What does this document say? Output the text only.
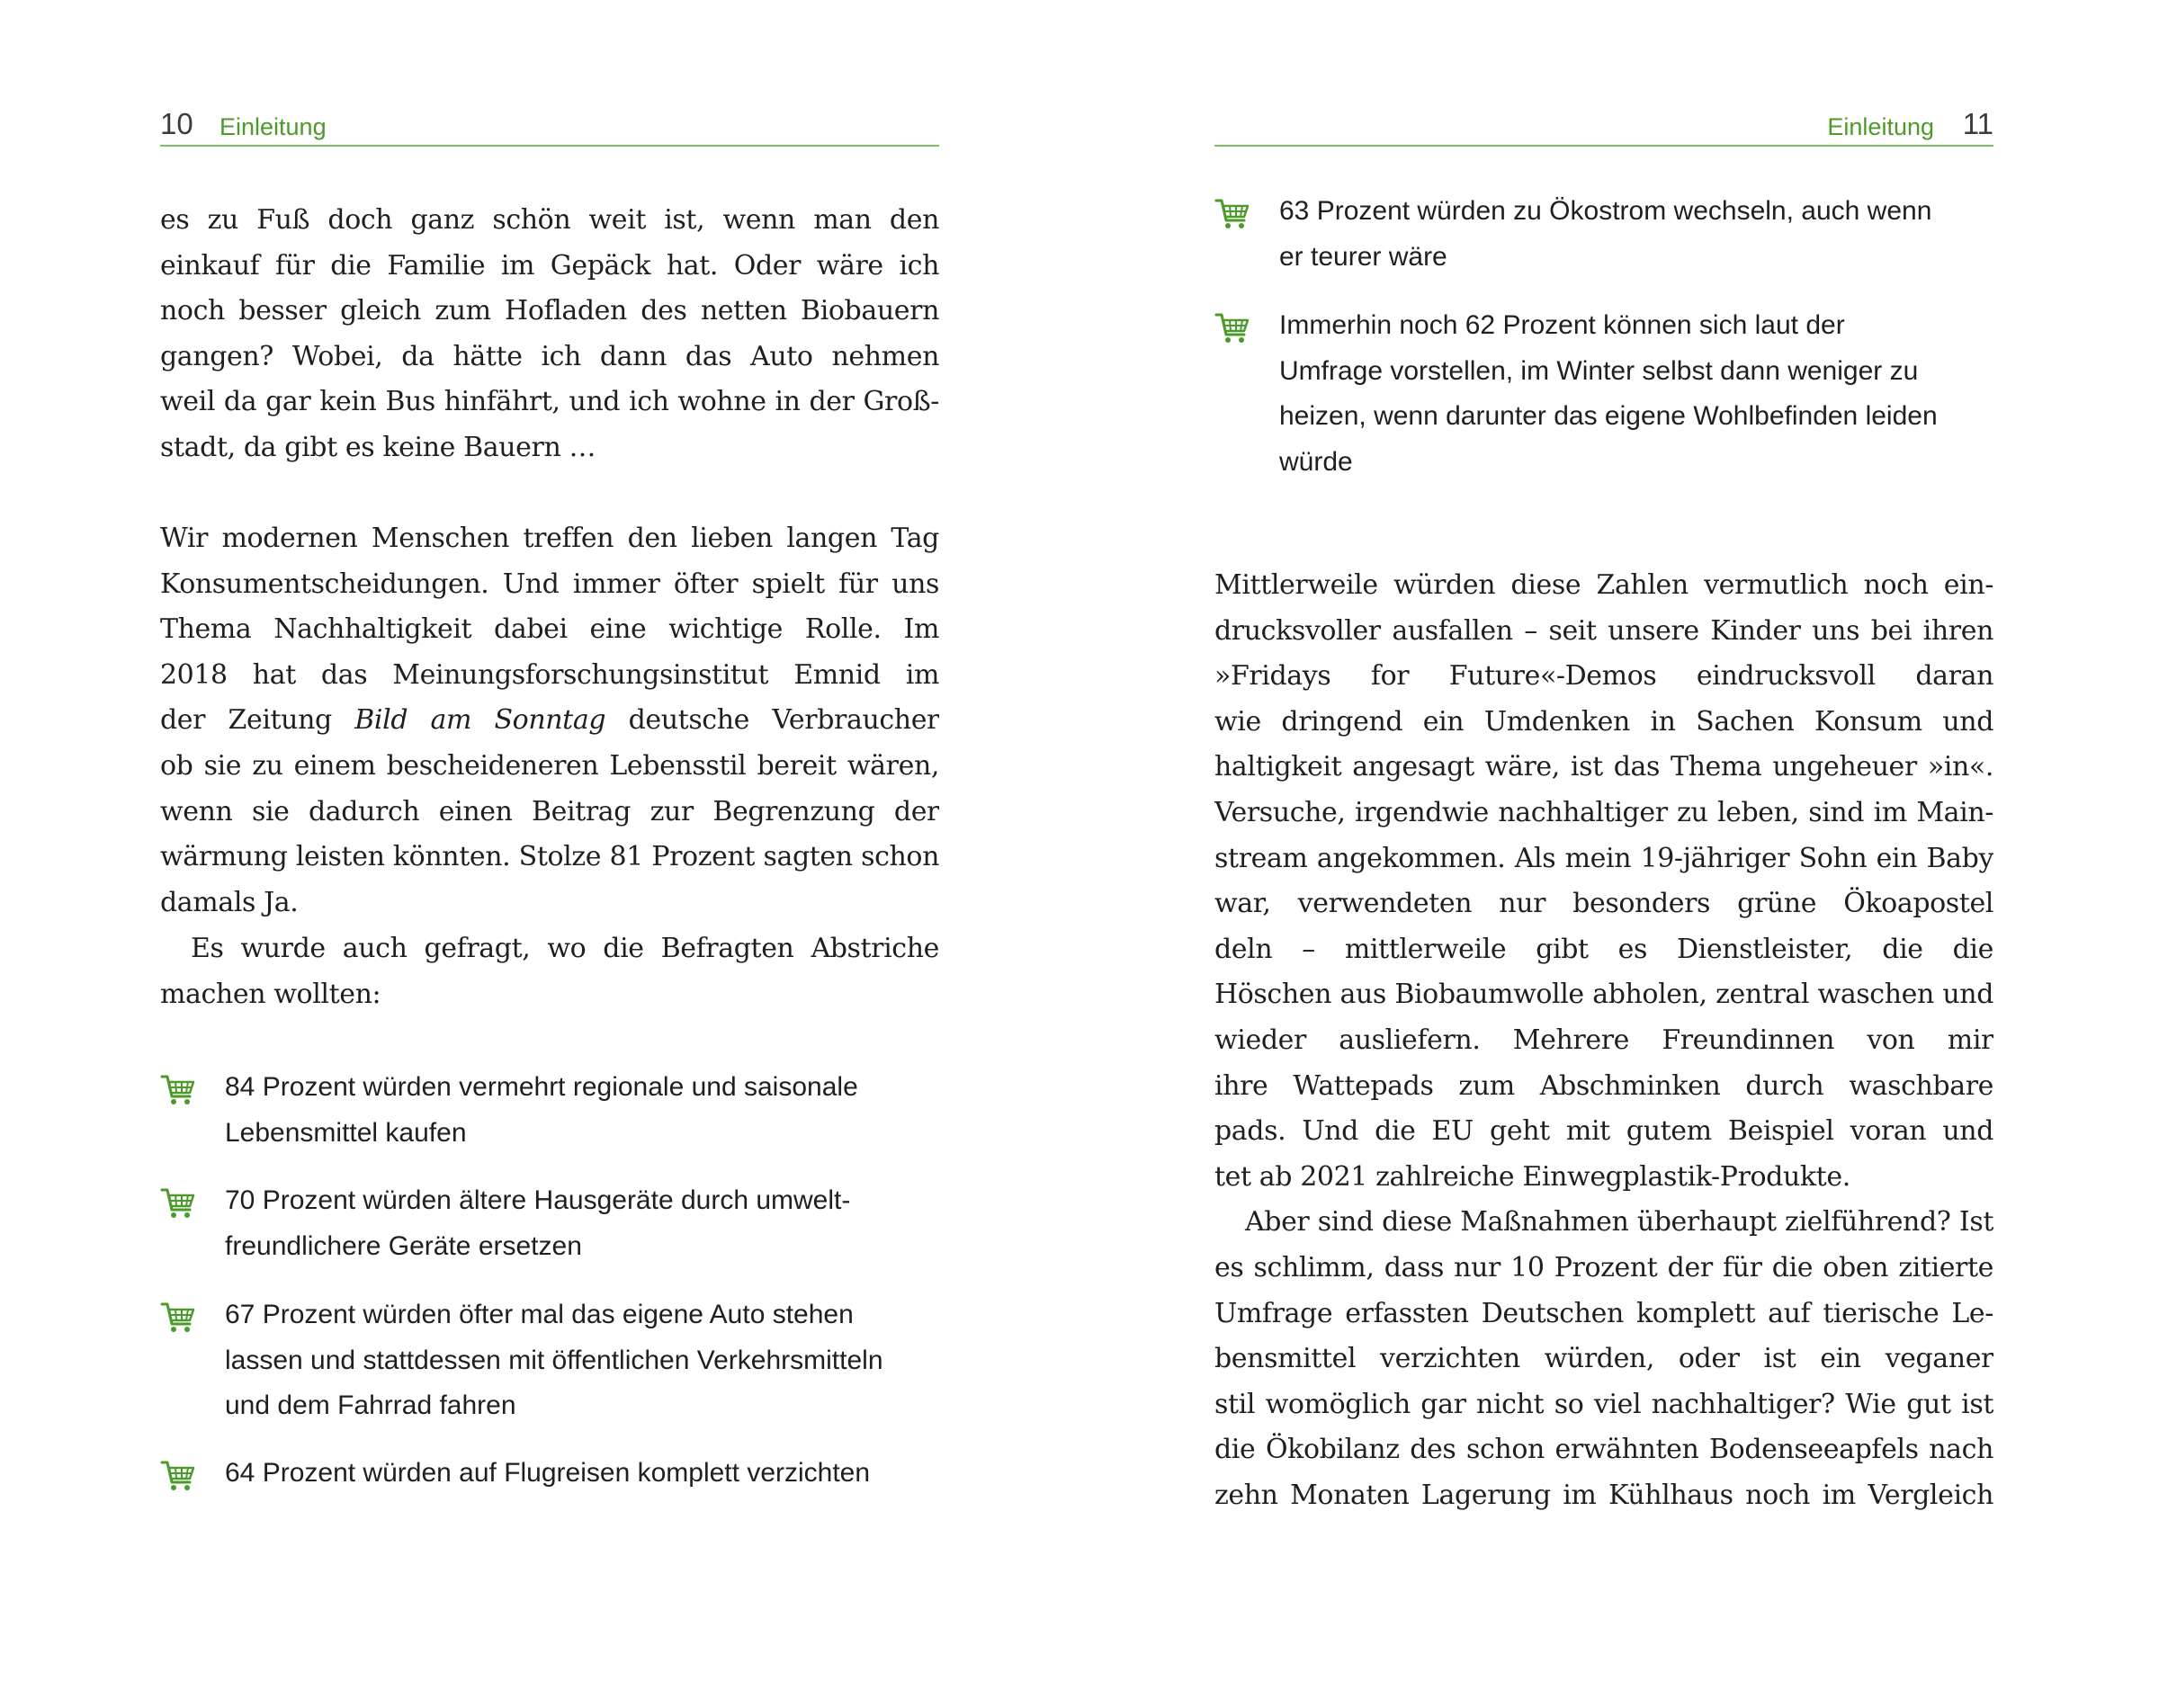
10 Einleitung
es zu Fuß doch ganz schön weit ist, wenn man den
einkauf für die Familie im Gepäck hat. Oder wäre ich
noch besser gleich zum Hofladen des netten Biobauern
gangen? Wobei, da hätte ich dann das Auto nehmen
weil da gar kein Bus hinfährt, und ich wohne in der Groß-
stadt, da gibt es keine Bauern …
Wir modernen Menschen treffen den lieben langen Tag
Konsumentscheidungen. Und immer öfter spielt für uns
Thema Nachhaltigkeit dabei eine wichtige Rolle. Im
2018 hat das Meinungsforschungsinstitut Emnid im
der Zeitung Bild am Sonntag deutsche Verbraucher
ob sie zu einem bescheideneren Lebensstil bereit wären,
wenn sie dadurch einen Beitrag zur Begrenzung der
wärmung leisten könnten. Stolze 81 Prozent sagten schon
damals Ja.
Es wurde auch gefragt, wo die Befragten Abstriche
machen wollten:
84 Prozent würden vermehrt regionale und saisonale
Lebensmittel kaufen
70 Prozent würden ältere Hausgeräte durch umwelt-
freundlichere Geräte ersetzen
67 Prozent würden öfter mal das eigene Auto stehen
lassen und stattdessen mit öffentlichen Verkehrsmitteln
und dem Fahrrad fahren
64 Prozent würden auf Flugreisen komplett verzichten
Einleitung 11
63 Prozent würden zu Ökostrom wechseln, auch wenn
er teurer wäre
Immerhin noch 62 Prozent können sich laut der
Umfrage vorstellen, im Winter selbst dann weniger zu
heizen, wenn darunter das eigene Wohlbefinden leiden
würde
Mittlerweile würden diese Zahlen vermutlich noch ein-
drucksvoller ausfallen – seit unsere Kinder uns bei ihren
»Fridays for Future«-Demos eindrucksvoll daran
wie dringend ein Umdenken in Sachen Konsum und
haltigkeit angesagt wäre, ist das Thema ungeheuer »in«.
Versuche, irgendwie nachhaltiger zu leben, sind im Main-
stream angekommen. Als mein 19-jähriger Sohn ein Baby
war, verwendeten nur besonders grüne Ökoapostel
deln – mittlerweile gibt es Dienstleister, die die
Höschen aus Biobaumwolle abholen, zentral waschen und
wieder ausliefern. Mehrere Freundinnen von mir
ihre Wattepads zum Abschminken durch waschbare
pads. Und die EU geht mit gutem Beispiel voran und
tet ab 2021 zahlreiche Einwegplastik-Produkte.
Aber sind diese Maßnahmen überhaupt zielführend? Ist
es schlimm, dass nur 10 Prozent der für die oben zitierte
Umfrage erfassten Deutschen komplett auf tierische Le-
bensmittel verzichten würden, oder ist ein veganer
stil womöglich gar nicht so viel nachhaltiger? Wie gut ist
die Ökobilanz des schon erwähnten Bodenseeapfels nach
zehn Monaten Lagerung im Kühlhaus noch im Vergleich
